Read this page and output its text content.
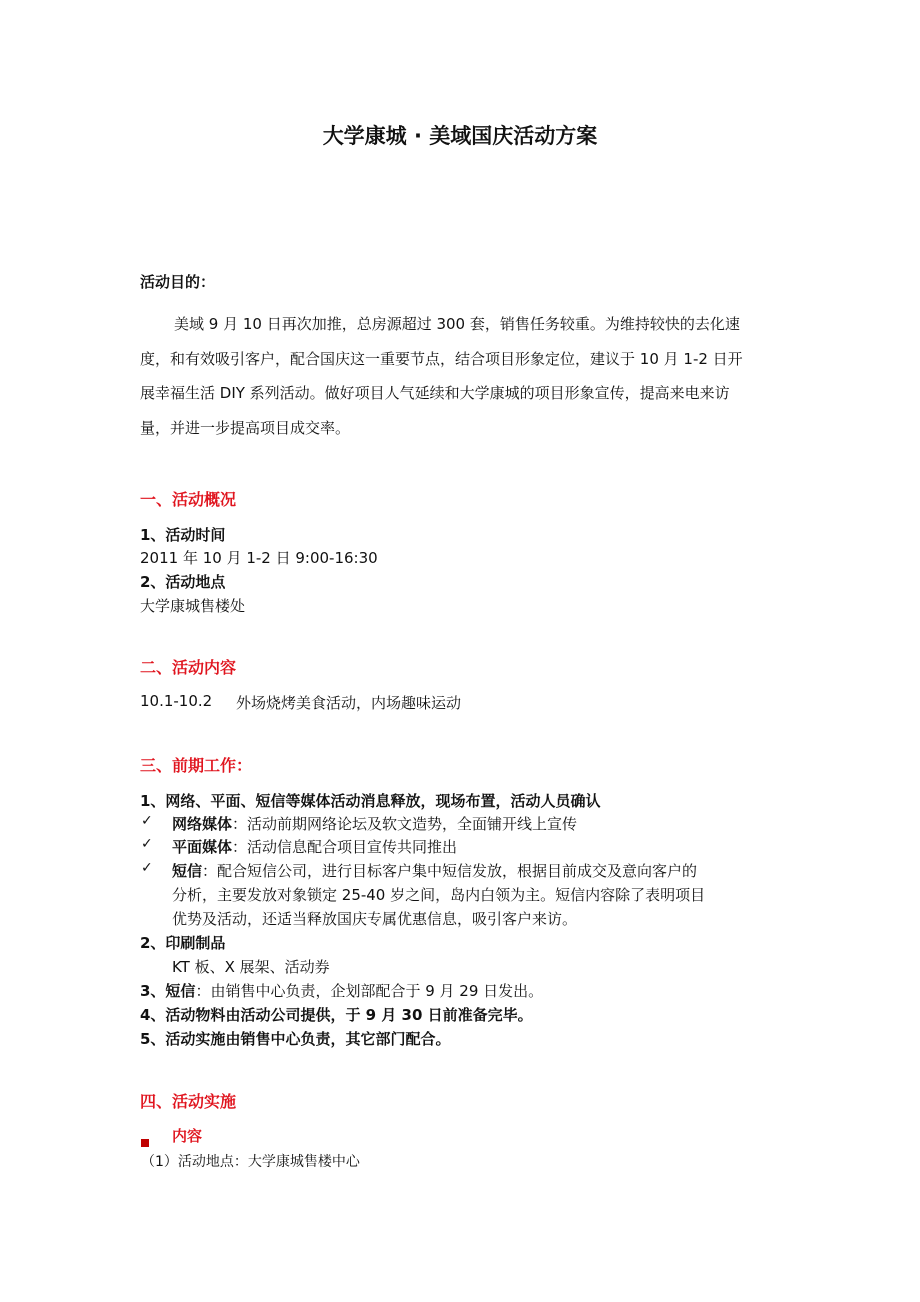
大学康城 · 美域国庆活动方案
活动目的：

美域 9 月 10 日再次加推，总房源超过 300 套，销售任务较重。为维持较快的去化速

度，和有效吸引客户，配合国庆这一重要节点，结合项目形象定位，建议于 10 月 1-2 日开

展幸福生活 DIY 系列活动。做好项目人气延续和大学康城的项目形象宣传，提高来电来访

量，并进一步提高项目成交率。

一、活动概况
1、活动时间
2011 年 10 月 1-2 日 9:00-16:30
2、活动地点
大学康城售楼处
二、活动内容
10.1-10.2 外场烧烤美食活动，内场趣味运动
三、前期工作：
1、网络、平面、短信等媒体活动消息释放，现场布置，活动人员确认
✓ 网络媒体：活动前期网络论坛及软文造势，全面铺开线上宣传
✓ 平面媒体：活动信息配合项目宣传共同推出
✓ 短信：配合短信公司，进行目标客户集中短信发放，根据目前成交及意向客户的
分析，主要发放对象锁定 25-40 岁之间，岛内白领为主。短信内容除了表明项目
优势及活动，还适当释放国庆专属优惠信息，吸引客户来访。
2、印刷制品
KT 板、X 展架、活动券
3、短信：由销售中心负责，企划部配合于 9 月 29 日发出。
4、活动物料由活动公司提供，于 9 月 30 日前准备完毕。
5、活动实施由销售中心负责，其它部门配合。
四、活动实施
内容
（1）活动地点：大学康城售楼中心
